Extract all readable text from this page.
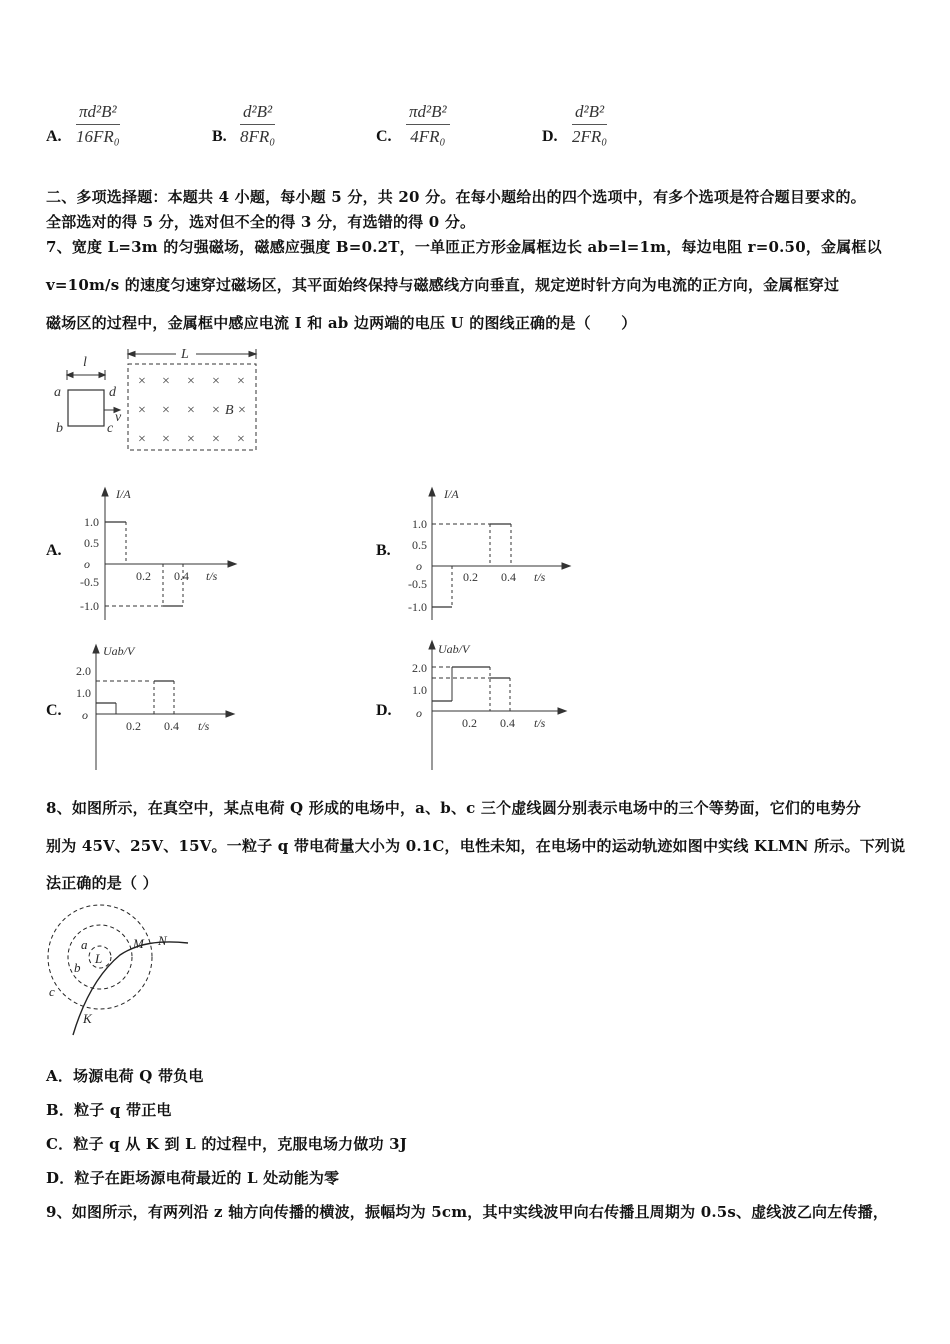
A.
πd²B²
16FR₀	B.
d²B²
8FR₀	C.
πd²B²
4FR₀	D.
d²B²
2FR₀
二、多项选择题：本题共 4 小题，每小题 5 分，共 20 分。在每小题给出的四个选项中，有多个选项是符合题目要求的。
全部选对的得 5 分，选对但不全的得 3 分，有选错的得 0 分。
7、宽度 L=3m 的匀强磁场，磁感应强度 B=0.2T，一单匝正方形金属框边长 ab=l=1m，每边电阻 r=0.50，金属框以
v=10m/s 的速度匀速穿过磁场区，其平面始终保持与磁感线方向垂直，规定逆时针方向为电流的正方向，金属框穿过
磁场区的过程中，金属框中感应电流 I 和 ab 边两端的电压 U 的图线正确的是（　　）
l
L
a
b	c
d
v	B
× × × × ×
× × × × ×
× × × × ×
A.
I/A
1.0
0.5
o
-0.5
-1.0
0.2 0.4 t/s
B.
I/A
1.0
0.5
o
-0.5
-1.0
0.2 0.4 t/s
C.
Uab/V
2.0
1.0
o
0.2 0.4 t/s
D.
Uab/V
2.0
1.0
o
0.2 0.4 t/s
8、如图所示，在真空中，某点电荷 Q 形成的电场中，a、b、c 三个虚线圆分别表示电场中的三个等势面，它们的电势分
别为 45V、25V、15V。一粒子 q 带电荷量大小为 0.1C，电性未知，在电场中的运动轨迹如图中实线 KLMN 所示。下列说
法正确的是（ ）
a
b
c
L
M N
K
A．场源电荷 Q 带负电
B．粒子 q 带正电
C．粒子 q 从 K 到 L 的过程中，克服电场力做功 3J
D．粒子在距场源电荷最近的 L 处动能为零
9、如图所示，有两列沿 z 轴方向传播的横波，振幅均为 5cm，其中实线波甲向右传播且周期为 0.5s、虚线波乙向左传播，
